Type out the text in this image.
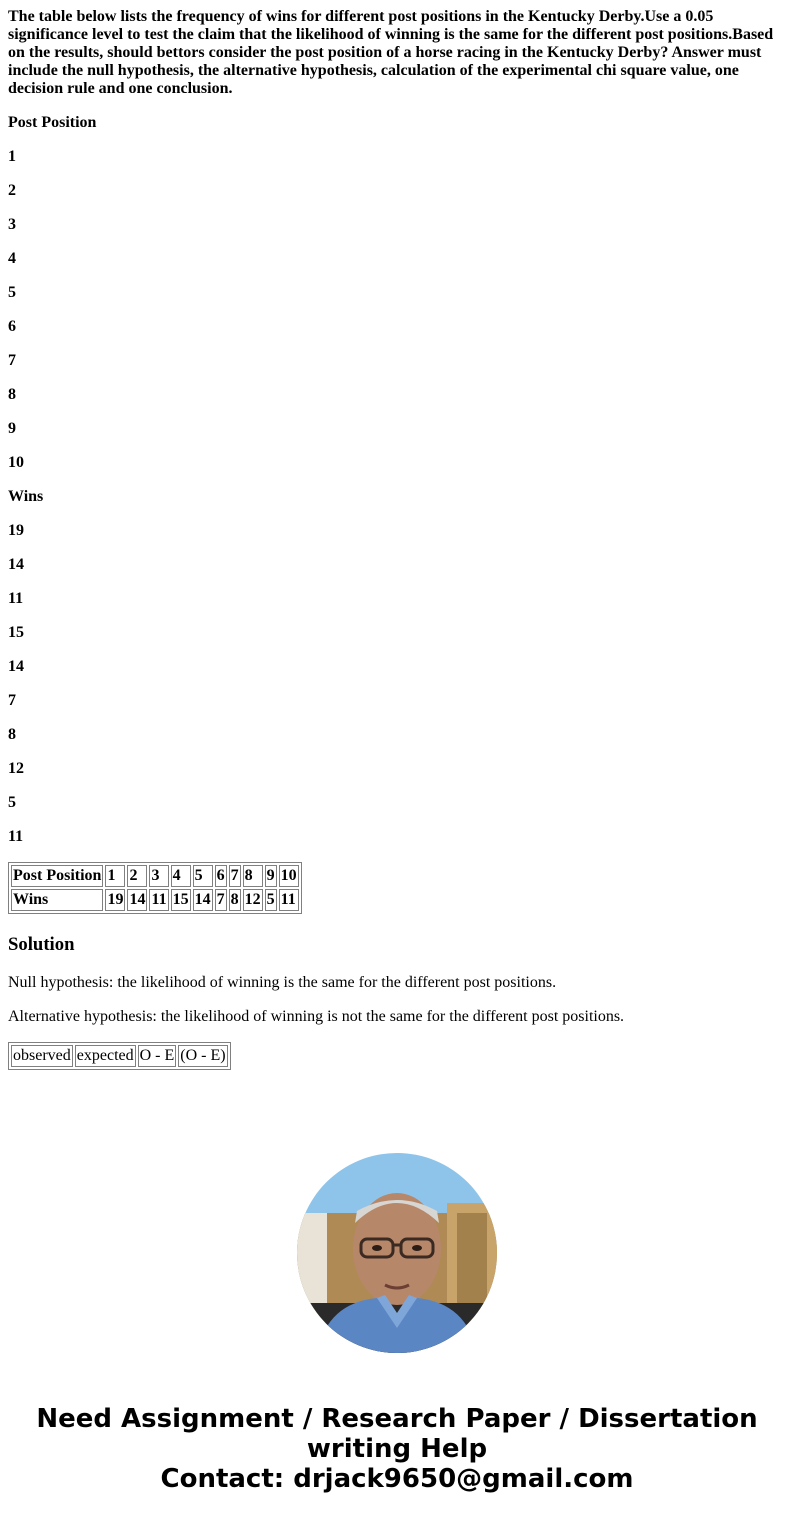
The table below lists the frequency of wins for different post positions in the Kentucky Derby.Use a 0.05 significance level to test the claim that the likelihood of winning is the same for the different post positions.Based on the results, should bettors consider the post position of a horse racing in the Kentucky Derby? Answer must include the null hypothesis, the alternative hypothesis, calculation of the experimental chi square value, one decision rule and one conclusion.

Post Position

1

2

3

4

5

6

7

8

9

10

Wins

19

14

11

15

14

7

8

12

5

11

Post Position	1	2	3	4	5	6	7	8	9	10
Wins	19	14	11	15	14	7	8	12	5	11
Solution

Null hypothesis: the likelihood of winning is the same for the different post positions.

Alternative hypothesis: the likelihood of winning is not the same for the different post positions.

observed	expected	O - E	(O - E)
Need Assignment / Research Paper / Dissertation
writing Help
Contact: drjack9650@gmail.com
